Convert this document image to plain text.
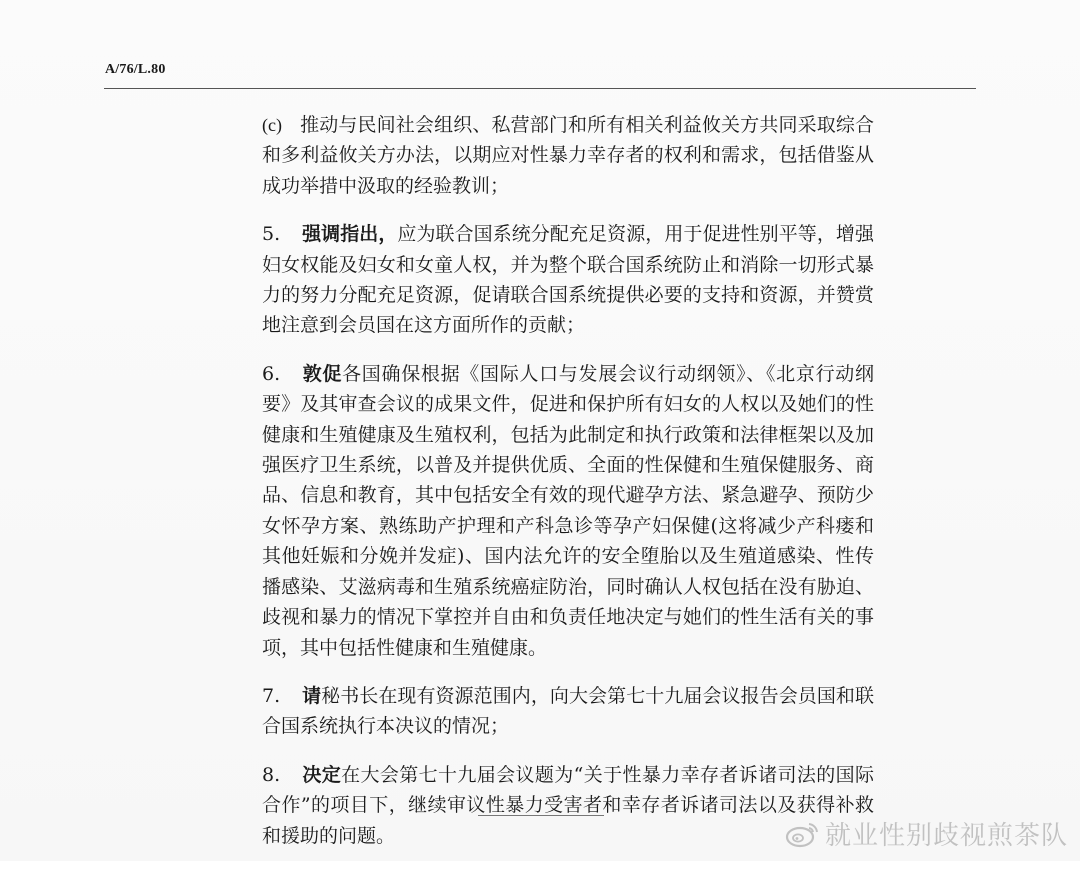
A/76/L.80

(c) 推动与民间社会组织、私营部门和所有相关利益攸关方共同采取综合和多利益攸关方办法，以期应对性暴力幸存者的权利和需求，包括借鉴从成功举措中汲取的经验教训；

5. 强调指出，应为联合国系统分配充足资源，用于促进性别平等，增强妇女权能及妇女和女童人权，并为整个联合国系统防止和消除一切形式暴力的努力分配充足资源，促请联合国系统提供必要的支持和资源，并赞赏地注意到会员国在这方面所作的贡献；

6. 敦促各国确保根据《国际人口与发展会议行动纲领》、《北京行动纲要》及其审查会议的成果文件，促进和保护所有妇女的人权以及她们的性健康和生殖健康及生殖权利，包括为此制定和执行政策和法律框架以及加强医疗卫生系统，以普及并提供优质、全面的性保健和生殖保健服务、商品、信息和教育，其中包括安全有效的现代避孕方法、紧急避孕、预防少女怀孕方案、熟练助产护理和产科急诊等孕产妇保健(这将减少产科瘘和其他妊娠和分娩并发症)、国内法允许的安全堕胎以及生殖道感染、性传播感染、艾滋病毒和生殖系统癌症防治，同时确认人权包括在没有胁迫、歧视和暴力的情况下掌控并自由和负责任地决定与她们的性生活有关的事项，其中包括性健康和生殖健康。

7. 请秘书长在现有资源范围内，向大会第七十九届会议报告会员国和联合国系统执行本决议的情况；

8. 决定在大会第七十九届会议题为“关于性暴力幸存者诉诸司法的国际合作”的项目下，继续审议性暴力受害者和幸存者诉诸司法以及获得补救和援助的问题。	就业性别歧视煎茶队
